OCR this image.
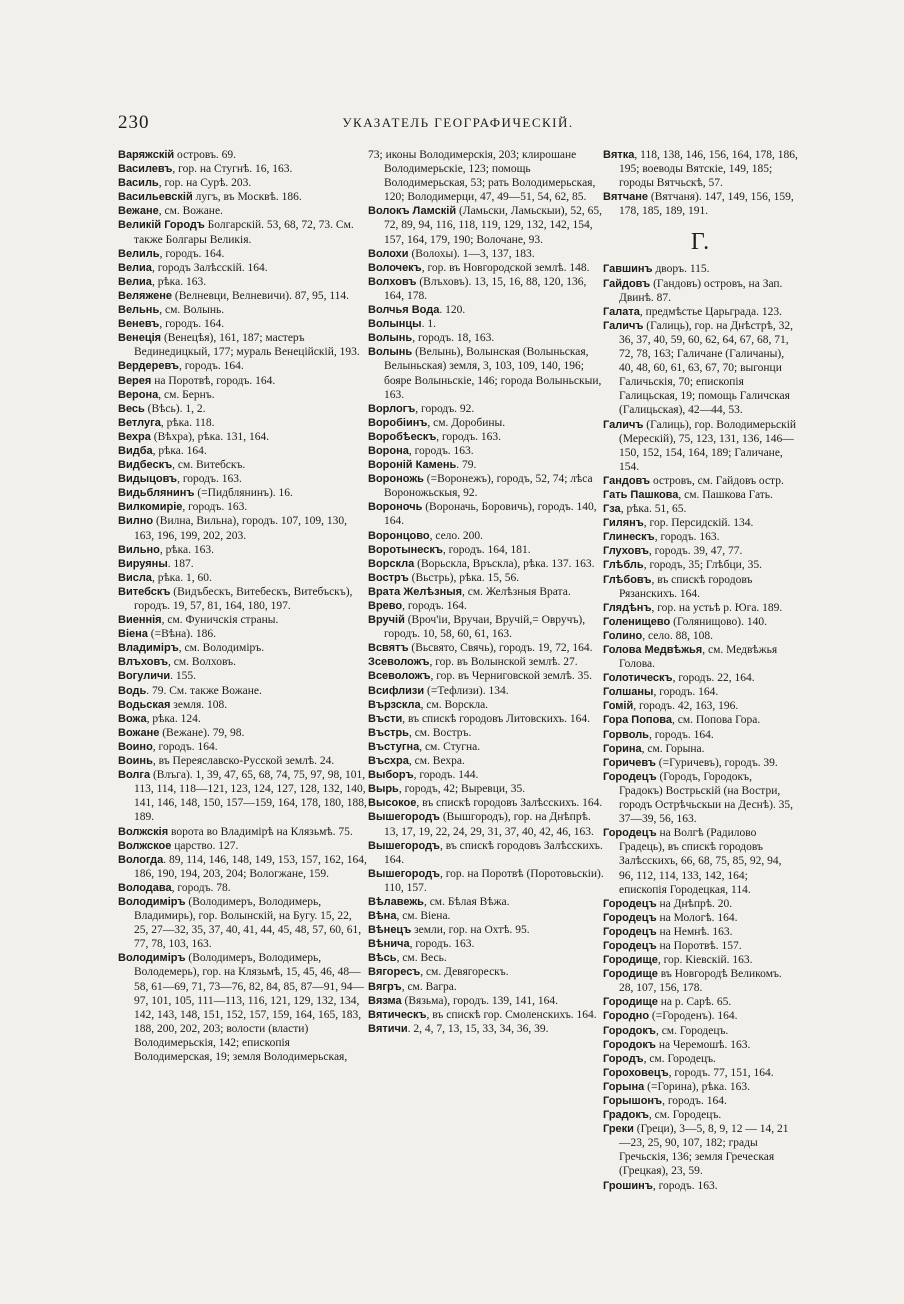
230	УКАЗАТЕЛЬ ГЕОГРАФИЧЕСКІЙ.

Варяжскій островъ. 69.

Василевъ, гор. на Стугнѣ. 16, 163.

Василь, гор. на Сурѣ. 203.

Васильевскій лугъ, въ Москвѣ. 186.

Вежане, см. Вожане.

Великій Городъ Болгарскій. 53, 68, 72, 73. См. также Болгары Великія.

Велиль, городъ. 164.

Велиа, городъ Залѣсскій. 164.

Велиа, рѣка. 163.

Веляжене (Велневци, Велневичи). 87, 95, 114.

Вельнь, см. Волынь.

Веневъ, городъ. 164.

Венеція (Венецѣя), 161, 187; мастеръ Вединедицкый, 177; мураль Венеційскій, 193.

Вердеревъ, городъ. 164.

Верея на Поротвѣ, городъ. 164.

Верона, см. Бернъ.

Весь (Вѣсь). 1, 2.

Ветлуга, рѣка. 118.

Вехра (Вѣхра), рѣка. 131, 164.

Видба, рѣка. 164.

Видбескъ, см. Витебскъ.

Видыцовъ, городъ. 163.

Видьблянинъ (=Пидблянинъ). 16.

Вилкомиріе, городъ. 163.

Вилно (Вилна, Вильна), городъ. 107, 109, 130, 163, 196, 199, 202, 203.

Вильно, рѣка. 163.

Вируяны. 187.

Висла, рѣка. 1, 60.

Витебскъ (Видъбескъ, Витебескъ, Витебъскъ), городъ. 19, 57, 81, 164, 180, 197.

Виеннія, см. Фуничскія страны.

Віена (=Вѣна). 186.

Владиміръ, см. Володиміръ.

Влъховъ, см. Волховъ.

Вогуличи. 155.

Водь. 79. См. также Вожане.

Водьская земля. 108.

Вожа, рѣка. 124.

Вожане (Вежане). 79, 98.

Воино, городъ. 164.

Воинь, въ Переяславско-Русской землѣ. 24.

Волга (Влъга). 1, 39, 47, 65, 68, 74, 75, 97, 98, 101, 113, 114, 118—121, 123, 124, 127, 128, 132, 140, 141, 146, 148, 150, 157—159, 164, 178, 180, 188, 189.

Волжскія ворота во Владимірѣ на Клязьмѣ. 75.

Волжское царство. 127.

Вологда. 89, 114, 146, 148, 149, 153, 157, 162, 164, 186, 190, 194, 203, 204; Вологжане, 159.

Володава, городъ. 78.

Володиміръ (Володимеръ, Володимерь, Владимирь), гор. Волынскій, на Бугу. 15, 22, 25, 27—32, 35, 37, 40, 41, 44, 45, 48, 57, 60, 61, 77, 78, 103, 163.

Володиміръ (Володимеръ, Володимерь, Володемерь), гор. на Клязьмѣ, 15, 45, 46, 48—58, 61—69, 71, 73—76, 82, 84, 85, 87—91, 94—97, 101, 105, 111—113, 116, 121, 129, 132, 134, 142, 143, 148, 151, 152, 157, 159, 164, 165, 183, 188, 200, 202, 203; волости (власти) Володимерьскія, 142; епископія Володимерская, 19; земля Володимерьская,

73; иконы Володимерскія, 203; клирошане Володимерьскіе, 123; помощь Володимерьская, 53; рать Володимерьская, 120; Володимерци, 47, 49—51, 54, 62, 85.

Волокъ Ламскій (Ламьски, Ламьскыи), 52, 65, 72, 89, 94, 116, 118, 119, 129, 132, 142, 154, 157, 164, 179, 190; Волочане, 93.

Волохи (Волохы). 1—3, 137, 183.

Волочекъ, гор. въ Новгородской землѣ. 148.

Волховъ (Влъховъ). 13, 15, 16, 88, 120, 136, 164, 178.

Волчья Вода. 120.

Волынцы. 1.

Волынь, городъ. 18, 163.

Волынь (Велынь), Волынская (Волыньская, Велыньская) земля, 3, 103, 109, 140, 196; бояре Волыньскіе, 146; города Волыньскыи, 163.

Ворлогъ, городъ. 92.

Воробіинъ, см. Доробины.

Воробѣескъ, городъ. 163.

Ворона, городъ. 163.

Вороній Камень. 79.

Вороножь (=Воронежъ), городъ, 52, 74; лѣса Вороножьскыя, 92.

Вороночь (Вороначь, Боровичь), городъ. 140, 164.

Воронцово, село. 200.

Воротынескъ, городъ. 164, 181.

Ворскла (Ворьскла, Връскла), рѣка. 137. 163.

Востръ (Вьстрь), рѣка. 15, 56.

Врата Желѣзныя, см. Желѣзныя Врата.

Врево, городъ. 164.

Вручій (Вроч'іи, Вручаи, Вручій,= Овручъ), городъ. 10, 58, 60, 61, 163.

Всвятъ (Вьсвято, Свячь), городъ. 19, 72, 164.

Зсеволожъ, гор. въ Волынской землѣ. 27.

Всеволожъ, гор. въ Черниговской землѣ. 35.

Всифлизи (=Тефлизи). 134.

Вързскла, см. Ворскла.

Въсти, въ спискѣ городовъ Литовскихъ. 164.

Въстрь, см. Востръ.

Въстугна, см. Стугна.

Въсхра, см. Вехра.

Выборъ, городъ. 144.

Вырь, городъ, 42; Выревци, 35.

Высокое, въ спискѣ городовъ Залѣсскихъ. 164.

Вышегородъ (Вышгородъ), гор. на Днѣпрѣ. 13, 17, 19, 22, 24, 29, 31, 37, 40, 42, 46, 163.

Вышегородъ, въ спискѣ городовъ Залѣсскихъ. 164.

Вышегородъ, гор. на Поротвѣ (Поротовьскіи). 110, 157.

Вѣлавежь, см. Бѣлая Вѣжа.

Вѣна, см. Віена.

Вѣнецъ земли, гор. на Охтѣ. 95.

Вѣнича, городъ. 163.

Вѣсь, см. Весь.

Вягоресъ, см. Девягорескъ.

Вягръ, см. Вагра.

Вязма (Вязьма), городъ. 139, 141, 164.

Вятическъ, въ спискѣ гор. Смоленскихъ. 164.

Вятичи. 2, 4, 7, 13, 15, 33, 34, 36, 39.

Вятка, 118, 138, 146, 156, 164, 178, 186, 195; воеводы Вятскіе, 149, 185; городы Вятчьскѣ, 57.

Вятчане (Вятчаня). 147, 149, 156, 159, 178, 185, 189, 191.

Г.

Гавшинъ дворъ. 115.

Гайдовъ (Гандовъ) островъ, на Зап. Двинѣ. 87.

Галата, предмѣстье Царьграда. 123.

Галичъ (Галиць), гор. на Днѣстрѣ, 32, 36, 37, 40, 59, 60, 62, 64, 67, 68, 71, 72, 78, 163; Галичане (Галичаны), 40, 48, 60, 61, 63, 67, 70; выгонци Галичьскія, 70; епископія Галицьская, 19; помощь Галичская (Галицьская), 42—44, 53.

Галичъ (Галиць), гор. Володимерьскій (Мерескій), 75, 123, 131, 136, 146—150, 152, 154, 164, 189; Галичане, 154.

Гандовъ островъ, см. Гайдовъ остр.

Гать Пашкова, см. Пашкова Гать.

Гза, рѣка. 51, 65.

Гилянъ, гор. Персидскій. 134.

Глинескъ, городъ. 163.

Глуховъ, городъ. 39, 47, 77.

Глѣбль, городъ, 35; Глѣбци, 35.

Глѣбовъ, въ спискѣ городовъ Рязанскихъ. 164.

Глядѣнъ, гор. на устьѣ р. Юга. 189.

Голенищево (Голянищово). 140.

Голино, село. 88, 108.

Голова Медвѣжья, см. Медвѣжья Голова.

Голотическъ, городъ. 22, 164.

Голшаны, городъ. 164.

Гомій, городъ. 42, 163, 196.

Гора Попова, см. Попова Гора.

Горволь, городъ. 164.

Горина, см. Горына.

Горичевъ (=Гуричевъ), городъ. 39.

Городецъ (Городъ, Городокъ, Градокъ) Вострьскій (на Востри, городъ Острѣчьскыи на Деснѣ). 35, 37—39, 56, 163.

Городецъ на Волгѣ (Радилово Градець), въ спискѣ городовъ Залѣсскихъ, 66, 68, 75, 85, 92, 94, 96, 112, 114, 133, 142, 164; епископія Городецкая, 114.

Городецъ на Днѣпрѣ. 20.

Городецъ на Мологѣ. 164.

Городецъ на Немнѣ. 163.

Городецъ на Поротвѣ. 157.

Городище, гор. Кіевскій. 163.

Городище въ Новгородѣ Великомъ. 28, 107, 156, 178.

Городище на р. Сарѣ. 65.

Городно (=Городенъ). 164.

Городокъ, см. Городецъ.

Городокъ на Черемошѣ. 163.

Городъ, см. Городецъ.

Гороховецъ, городъ. 77, 151, 164.

Горына (=Горина), рѣка. 163.

Горышонъ, городъ. 164.

Градокъ, см. Городецъ.

Греки (Греци), 3—5, 8, 9, 12 — 14, 21—23, 25, 90, 107, 182; грады Гречьскія, 136; земля Греческая (Грецкая), 23, 59.

Грошинъ, городъ. 163.
